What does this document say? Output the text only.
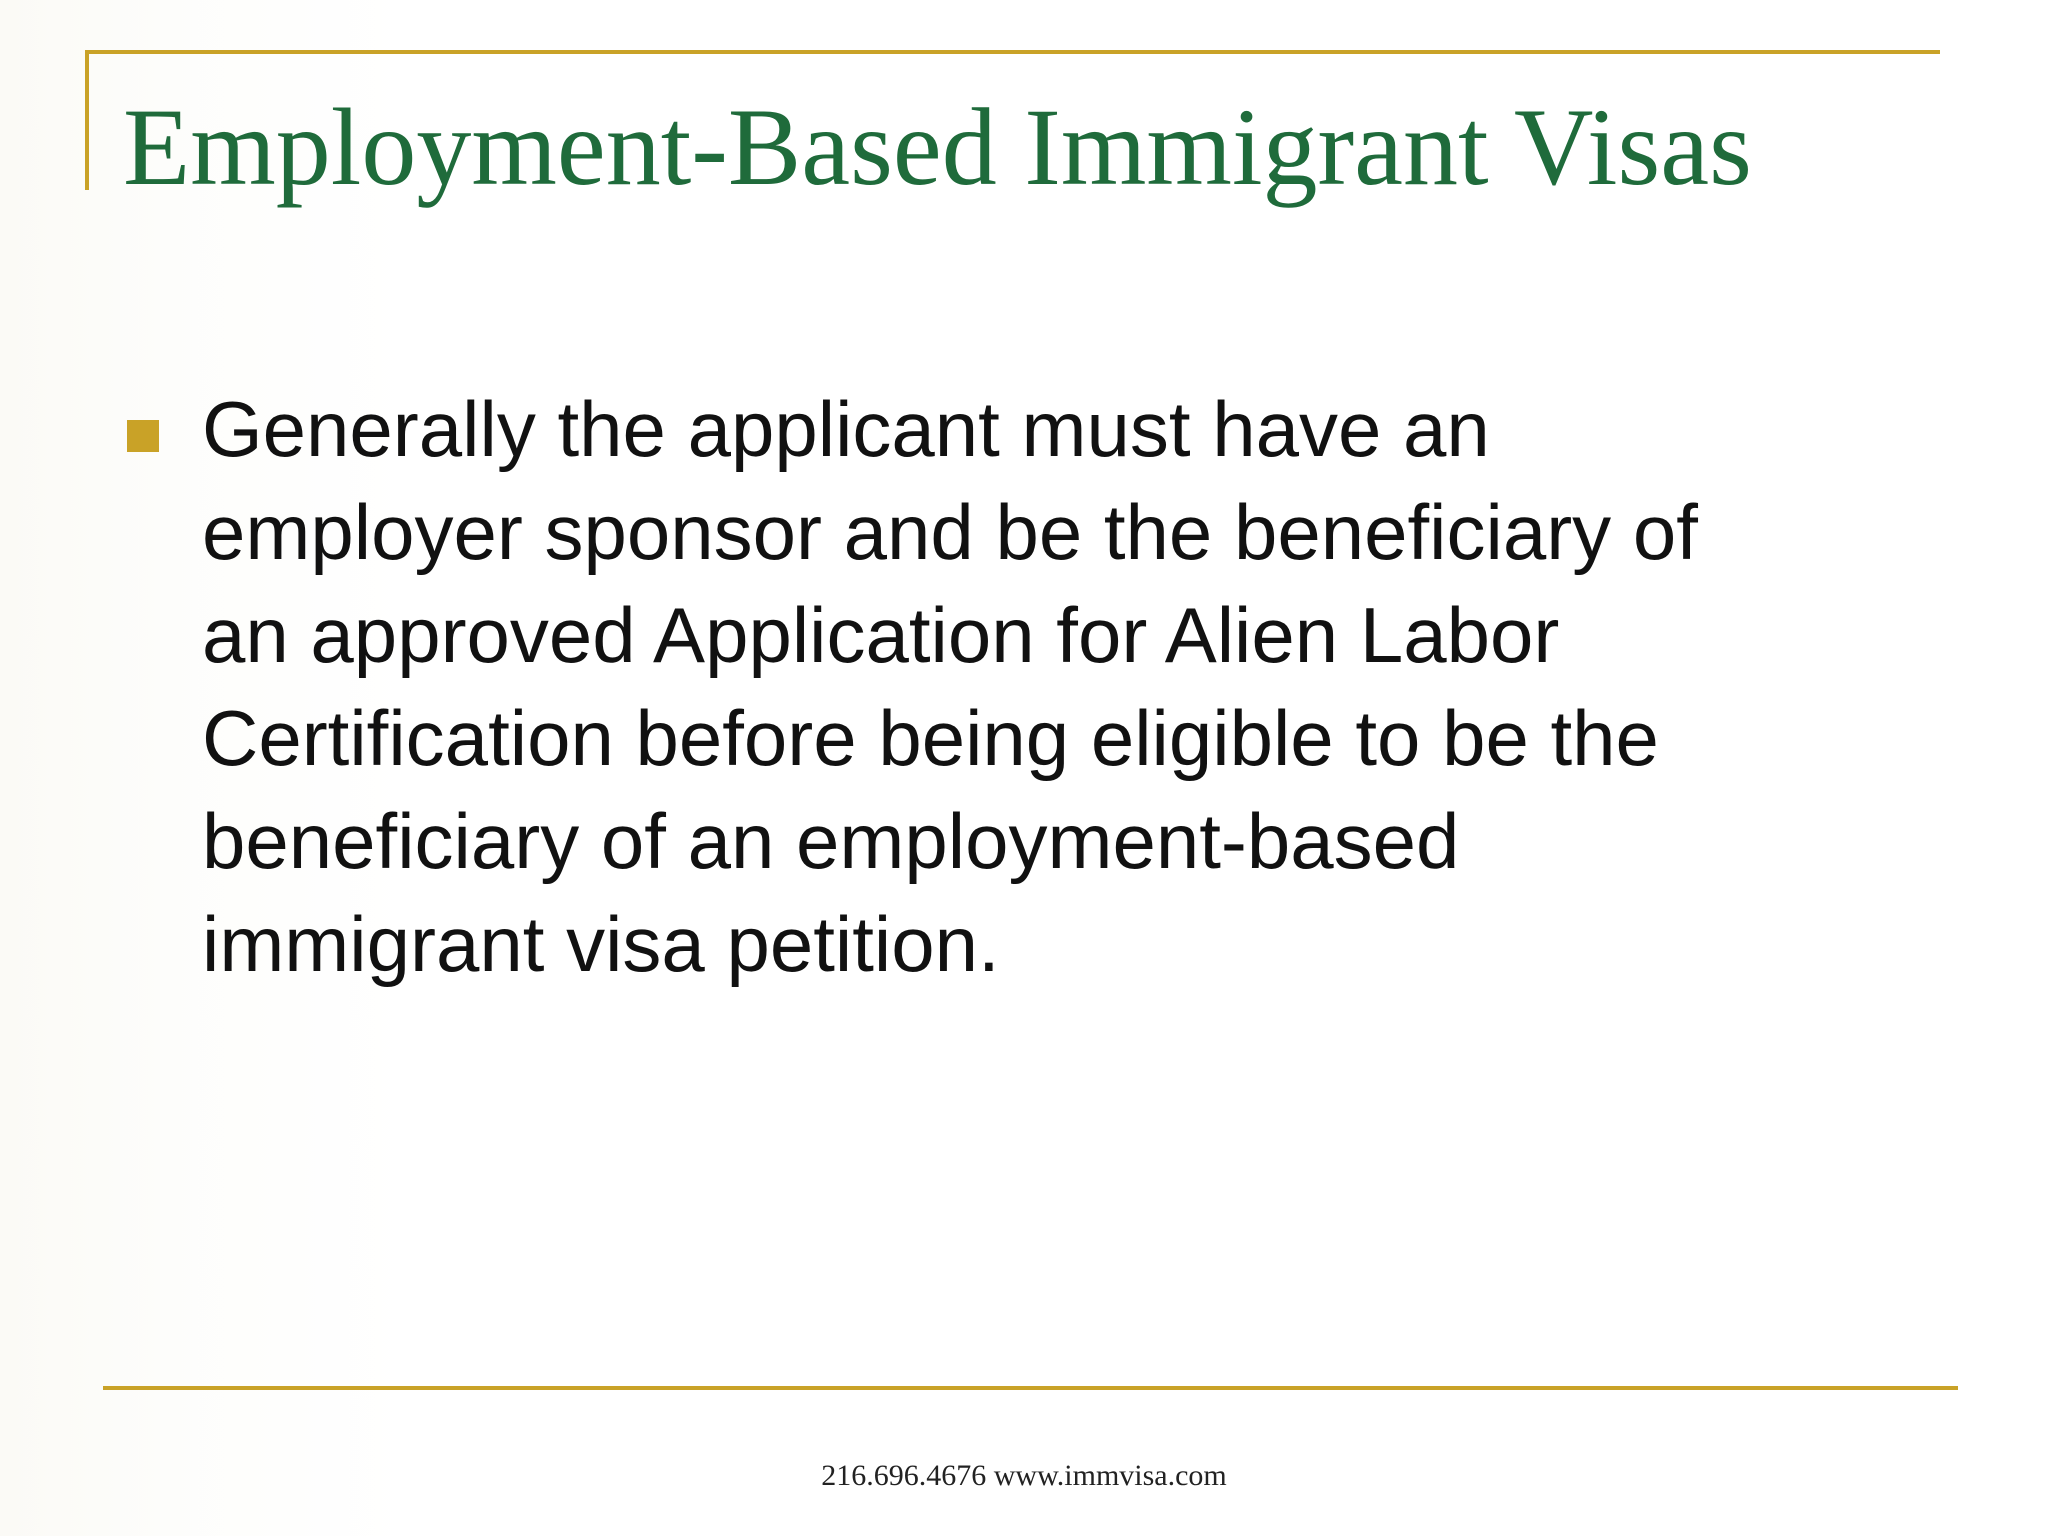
Employment-Based Immigrant Visas
Generally the applicant must have an
employer sponsor and be the beneficiary of
an approved Application for Alien Labor
Certification before being eligible to be the
beneficiary of an employment-based
immigrant visa petition.
216.696.4676 www.immvisa.com
